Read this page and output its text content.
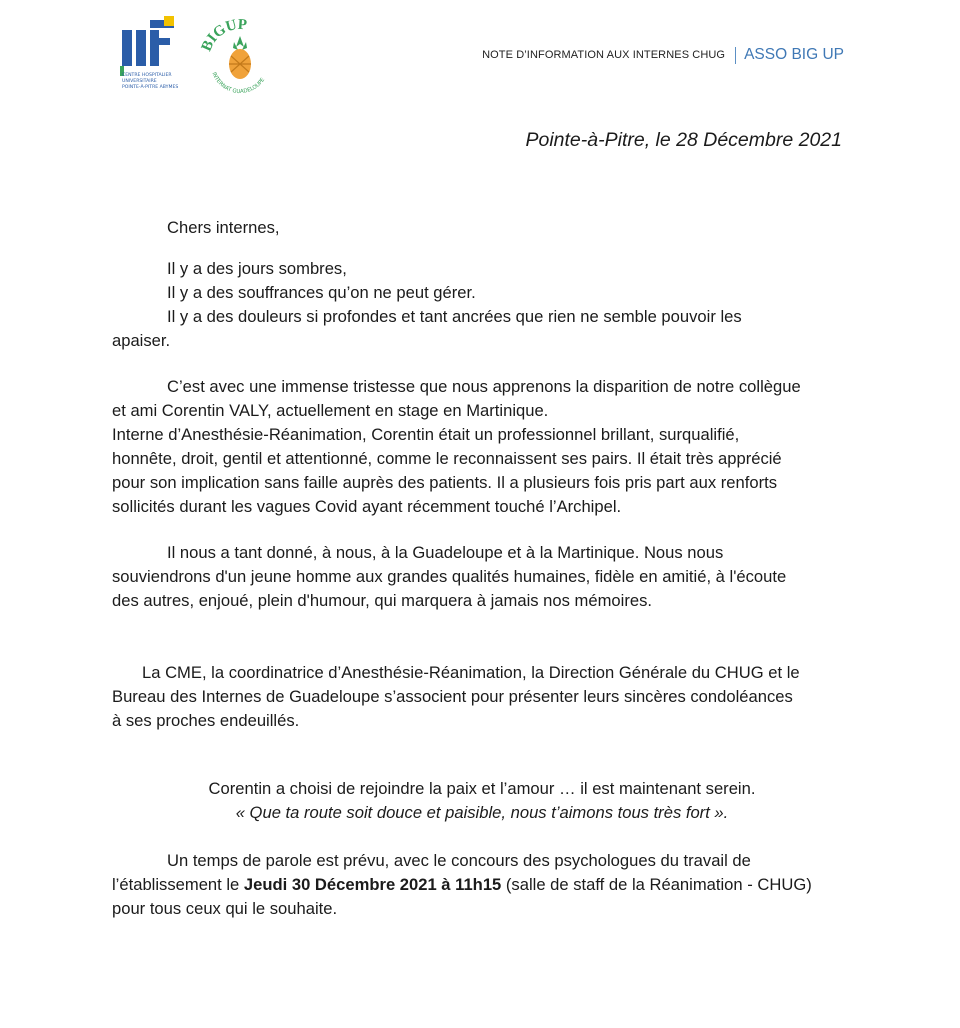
CENTRE HOSPITALIER
UNIVERSITAIRE
POINTE-À-PITRE ABYMES
BIGUP
INTERNAT GUADELOUPE
NOTE D’INFORMATION AUX INTERNES CHUG ASSO BIG UP
Pointe-à-Pitre, le 28 Décembre 2021
Chers internes,
Il y a des jours sombres,
Il y a des souffrances qu’on ne peut gérer.
Il y a des douleurs si profondes et tant ancrées que rien ne semble pouvoir les
apaiser.
C’est avec une immense tristesse que nous apprenons la disparition de notre collègue
et ami Corentin VALY, actuellement en stage en Martinique.
Interne d’Anesthésie-Réanimation, Corentin était un professionnel brillant, surqualifié,
honnête, droit, gentil et attentionné, comme le reconnaissent ses pairs. Il était très apprécié
pour son implication sans faille auprès des patients. Il a plusieurs fois pris part aux renforts
sollicités durant les vagues Covid ayant récemment touché l’Archipel.
Il nous a tant donné, à nous, à la Guadeloupe et à la Martinique. Nous nous
souviendrons d'un jeune homme aux grandes qualités humaines, fidèle en amitié, à l'écoute
des autres, enjoué, plein d'humour, qui marquera à jamais nos mémoires.
La CME, la coordinatrice d’Anesthésie-Réanimation, la Direction Générale du CHUG et le
Bureau des Internes de Guadeloupe s’associent pour présenter leurs sincères condoléances
à ses proches endeuillés.
Corentin a choisi de rejoindre la paix et l’amour … il est maintenant serein.
« Que ta route soit douce et paisible, nous t’aimons tous très fort ».
Un temps de parole est prévu, avec le concours des psychologues du travail de
l’établissement le Jeudi 30 Décembre 2021 à 11h15 (salle de staff de la Réanimation - CHUG)
pour tous ceux qui le souhaite.
